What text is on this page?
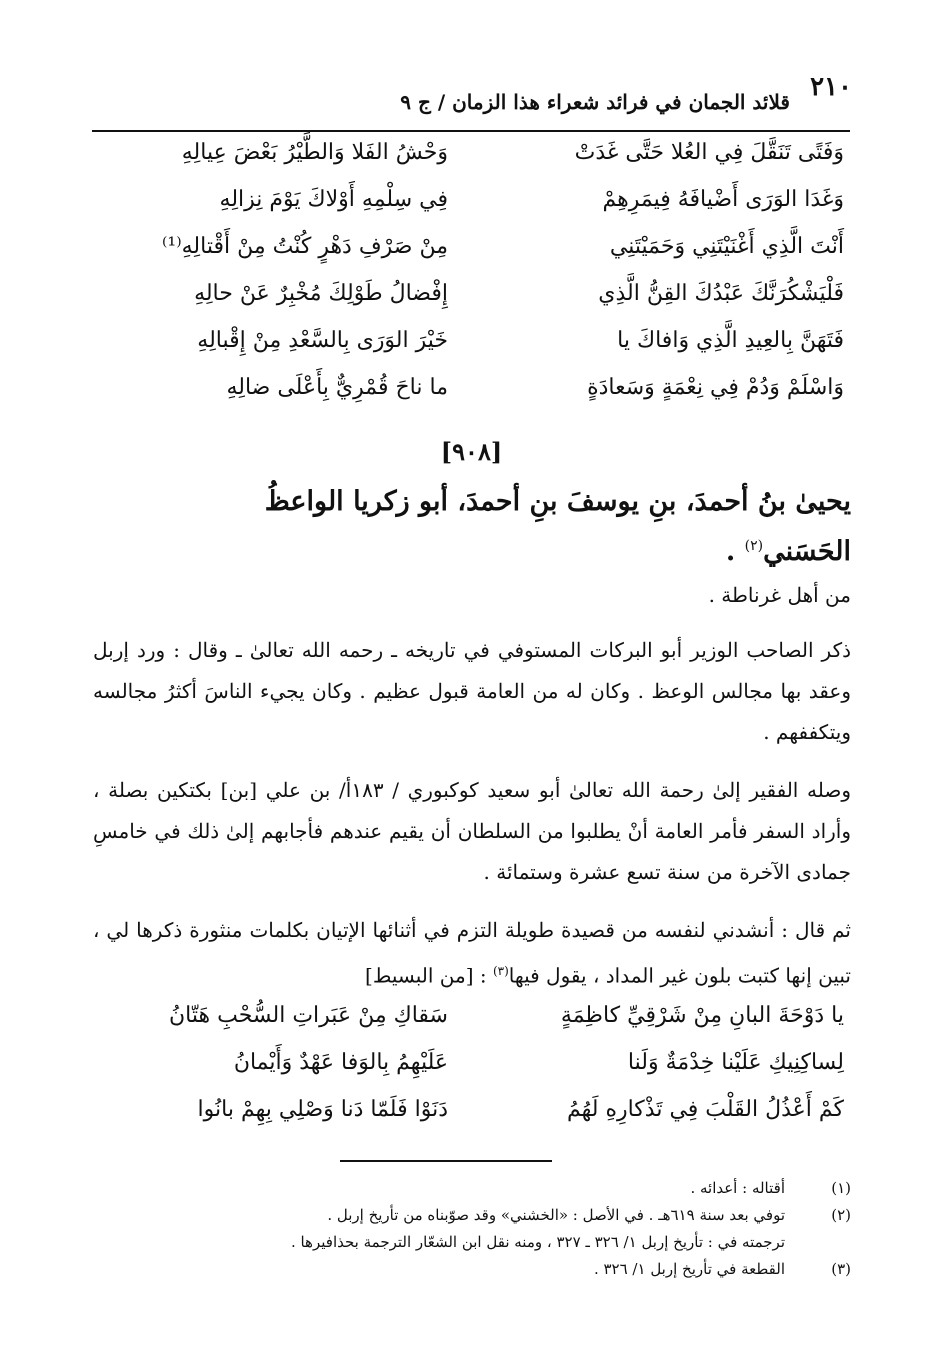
٢١٠
قلائد الجمان في فرائد شعراء هذا الزمان / ج ٩
وَفَتًى تَنَقَّلَ فِي العُلا حَتَّى غَدَتْ
وَحْشُ الفَلا وَالطَّيْرُ بَعْضَ عِيالِهِ
وَغَدَا الوَرَى أَضْيافَهُ فِيمَرِهِمْ
فِي سِلْمِهِ أَوْلاكَ يَوْمَ نِزالِهِ
أَنْتَ الَّذِي أَغْنَيْتَنِي وَحَمَيْتَنِي
مِنْ صَرْفِ دَهْرٍ كُنْتُ مِنْ أَقْتالِهِ⁽¹⁾
فَلْيَشْكُرَنَّكَ عَبْدُكَ القِنُّ الَّذِي
إِفْضالُ طَوْلِكَ مُخْبِرٌ عَنْ حالِهِ
فَتَهَنَّ بِالعِيدِ الَّذِي وَافاكَ يا
خَيْرَ الوَرَى بِالسَّعْدِ مِنْ إِقْبالِهِ
وَاسْلَمْ وَدُمْ فِي نِعْمَةٍ وَسَعادَةٍ
ما ناحَ قُمْرِيٌّ بِأَعْلَى ضالِهِ
[٩٠٨]
يحيىٰ بنُ أحمدَ، بنِ يوسفَ بنِ أحمدَ، أبو زكريا الواعظُ الحَسَني$^{(٢)}$ .
من أهل غرناطة .
ذكر الصاحب الوزير أبو البركات المستوفي في تاريخه ـ رحمه الله تعالىٰ ـ وقال : ورد إربل وعقد بها مجالس الوعظ . وكان له من العامة قبول عظيم . وكان يجيء الناسَ أكثرُ مجالسه ويتكففهم .
وصله الفقير إلىٰ رحمة الله تعالىٰ أبو سعيد كوكبوري / ١٨٣أ/ بن علي [بن] بكتكين بصلة ، وأراد السفر فأمر العامة أنْ يطلبوا من السلطان أن يقيم عندهم فأجابهم إلىٰ ذلك في خامسِ جمادى الآخرة من سنة تسع عشرة وستمائة .
ثم قال : أنشدني لنفسه من قصيدة طويلة التزم في أثنائها الإتيان بكلمات منثورة ذكرها لي ، تبين إنها كتبت بلون غير المداد ، يقول فيها$^{(٣)}$ : [من البسيط]
يا دَوْحَةَ البانِ مِنْ شَرْقِيِّ كاظِمَةٍ
سَقاكِ مِنْ عَبَراتِ السُّحْبِ هَتّانُ
لِساكِنِيكِ عَلَيْنا خِدْمَةٌ وَلَنا
عَلَيْهِمُ بِالوَفا عَهْدٌ وَأَيْمانُ
كَمْ أَعْذُلُ القَلْبَ فِي تَذْكارِهِ لَهُمُ
دَنَوْا فَلَمّا دَنا وَصْلِي بِهِمْ بانُوا
(١)
أقتاله : أعدائه .
(٢)
توفي بعد سنة ٦١٩هـ . في الأصل : «الخشني» وقد صوّبناه من تأريخ إربل .
ترجمته في : تأريخ إربل ١/ ٣٢٦ ـ ٣٢٧ ، ومنه نقل ابن الشعّار الترجمة بحذافيرها .
(٣)
القطعة في تأريخ إربل ١/ ٣٢٦ .
